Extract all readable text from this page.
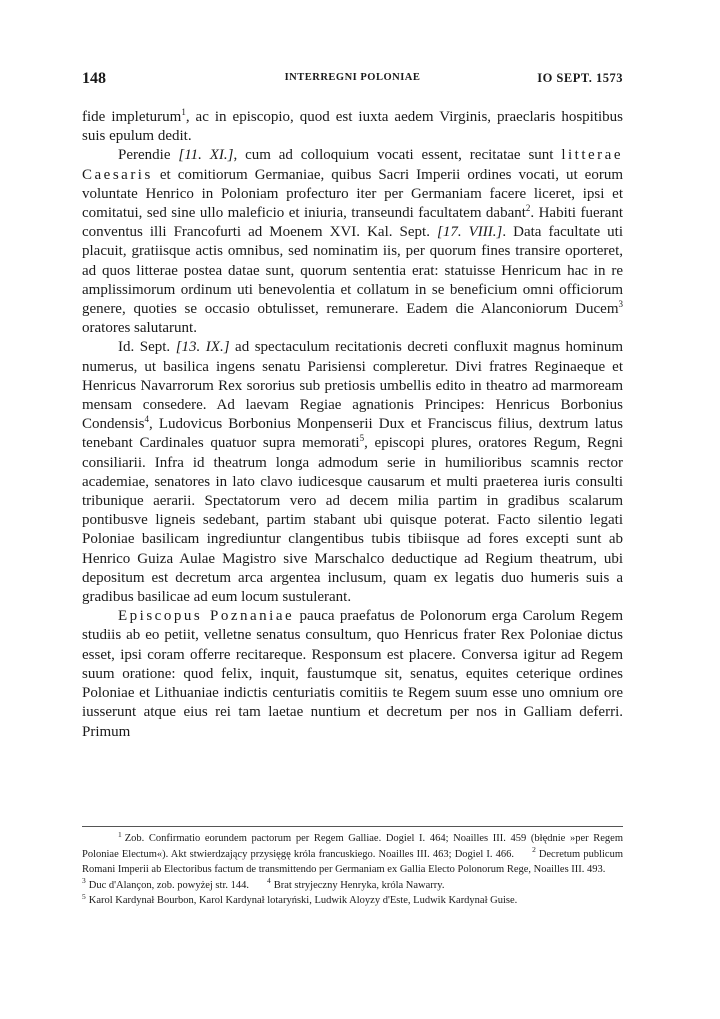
148	INTERREGNI POLONIAE	IO SEPT. 1573

fide impleturum$^1$, ac in episcopio, quod est iuxta aedem Virginis, praeclaris hospitibus suis epulum dedit.

Perendie [11. XI.], cum ad colloquium vocati essent, recitatae sunt litterae Caesaris et comitiorum Germaniae, quibus Sacri Imperii ordines vocati, ut eorum voluntate Henrico in Poloniam profecturo iter per Germaniam facere liceret, ipsi et comitatui, sed sine ullo maleficio et iniuria, transeundi facultatem dabant$^2$. Habiti fuerant conventus illi Francofurti ad Moenem XVI. Kal. Sept. [17. VIII.]. Data facultate uti placuit, gratiisque actis omnibus, sed nominatim iis, per quorum fines transire oporteret, ad quos litterae postea datae sunt, quorum sententia erat: statuisse Henricum hac in re amplissimorum ordinum uti benevolentia et collatum in se beneficium omni officiorum genere, quoties se occasio obtulisset, remunerare. Eadem die Alanconiorum Ducem$^3$ oratores salutarunt.

Id. Sept. [13. IX.] ad spectaculum recitationis decreti confluxit magnus hominum numerus, ut basilica ingens senatu Parisiensi compleretur. Divi fratres Reginaeque et Henricus Navarrorum Rex sororius sub pretiosis umbellis edito in theatro ad marmoream mensam consedere. Ad laevam Regiae agnationis Principes: Henricus Borbonius Condensis$^4$, Ludovicus Borbonius Monpenserii Dux et Franciscus filius, dextrum latus tenebant Cardinales quatuor supra memorati$^5$, episcopi plures, oratores Regum, Regni consiliarii. Infra id theatrum longa admodum serie in humilioribus scamnis rector academiae, senatores in lato clavo iudicesque causarum et multi praeterea iuris consulti tribunique aerarii. Spectatorum vero ad decem milia partim in gradibus scalarum pontibusve ligneis sedebant, partim stabant ubi quisque poterat. Facto silentio legati Poloniae basilicam ingrediuntur clangentibus tubis tibiisque ad fores excepti sunt ab Henrico Guiza Aulae Magistro sive Marschalco deductique ad Regium theatrum, ubi depositum est decretum arca argentea inclusum, quam ex legatis duo humeris suis a gradibus basilicae ad eum locum sustulerant.

Episcopus Poznaniae pauca praefatus de Polonorum erga Carolum Regem studiis ab eo petiit, velletne senatus consultum, quo Henricus frater Rex Poloniae dictus esset, ipsi coram offerre recitareque. Responsum est placere. Conversa igitur ad Regem suum oratione: quod felix, inquit, faustumque sit, senatus, equites ceterique ordines Poloniae et Lithuaniae indictis centuriatis comitiis te Regem suum esse uno omnium ore iusserunt atque eius rei tam laetae nuntium et decretum per nos in Galliam deferri. Primum

$^1$ Zob. Confirmatio eorundem pactorum per Regem Galliae. Dogiel I. 464; Noailles III. 459 (błędnie »per Regem Poloniae Electum«). Akt stwierdzający przysięgę króla francuskiego. Noailles III. 463; Dogiel I. 466. $^2$ Decretum publicum Romani Imperii ab Electoribus factum de transmittendo per Germaniam ex Gallia Electo Polonorum Rege, Noailles III. 493.

$^3$ Duc d'Alançon, zob. powyżej str. 144. $^4$ Brat stryjeczny Henryka, króla Nawarry.

$^5$ Karol Kardynał Bourbon, Karol Kardynał lotaryński, Ludwik Aloyzy d'Este, Ludwik Kardynał Guise.
